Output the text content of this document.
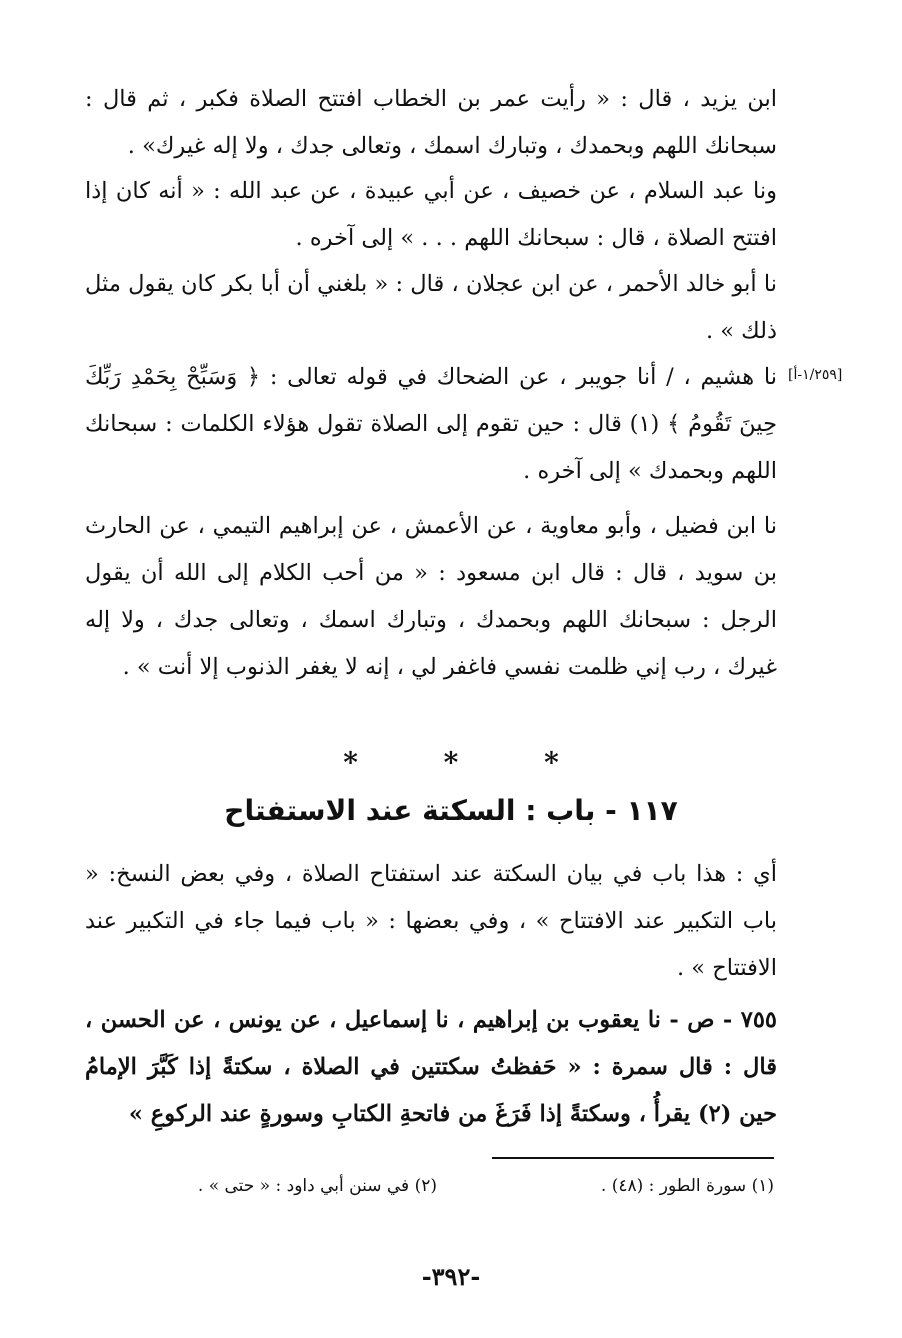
ابن يزيد ، قال : « رأيت عمر بن الخطاب افتتح الصلاة فكبر ، ثم قال : سبحانك اللهم وبحمدك ، وتبارك اسمك ، وتعالى جدك ، ولا إله غيرك» .

ونا عبد السلام ، عن خصيف ، عن أبي عبيدة ، عن عبد الله : « أنه كان إذا افتتح الصلاة ، قال : سبحانك اللهم . . . » إلى آخره .

نا أبو خالد الأحمر ، عن ابن عجلان ، قال : « بلغني أن أبا بكر كان يقول مثل ذلك » .

[١/٢٥٩-أ]

نا هشيم ، / أنا جويبر ، عن الضحاك في قوله تعالى : ﴿ وَسَبِّحْ بِحَمْدِ رَبِّكَ حِينَ تَقُومُ ﴾ (١) قال : حين تقوم إلى الصلاة تقول هؤلاء الكلمات : سبحانك اللهم وبحمدك » إلى آخره .

نا ابن فضيل ، وأبو معاوية ، عن الأعمش ، عن إبراهيم التيمي ، عن الحارث بن سويد ، قال : قال ابن مسعود : « من أحب الكلام إلى الله أن يقول الرجل : سبحانك اللهم وبحمدك ، وتبارك اسمك ، وتعالى جدك ، ولا إله غيرك ، رب إني ظلمت نفسي فاغفر لي ، إنه لا يغفر الذنوب إلا أنت » .

* * *
١١٧ - باب : السكتة عند الاستفتاح

أي : هذا باب في بيان السكتة عند استفتاح الصلاة ، وفي بعض النسخ: « باب التكبير عند الافتتاح » ، وفي بعضها : « باب فيما جاء في التكبير عند الافتتاح » .

٧٥٥ - ص - نا يعقوب بن إبراهيم ، نا إسماعيل ، عن يونس ، عن الحسن ، قال : قال سمرة : « حَفظتُ سكتتين في الصلاة ، سكتةً إذا كَبَّرَ الإمامُ حين (٢) يقرأُ ، وسكتةً إذا فَرَغَ من فاتحةِ الكتابِ وسورةٍ عند الركوعِ »

(١) سورة الطور : (٤٨) .
(٢) في سنن أبي داود : « حتى » .
-٣٩٢-
